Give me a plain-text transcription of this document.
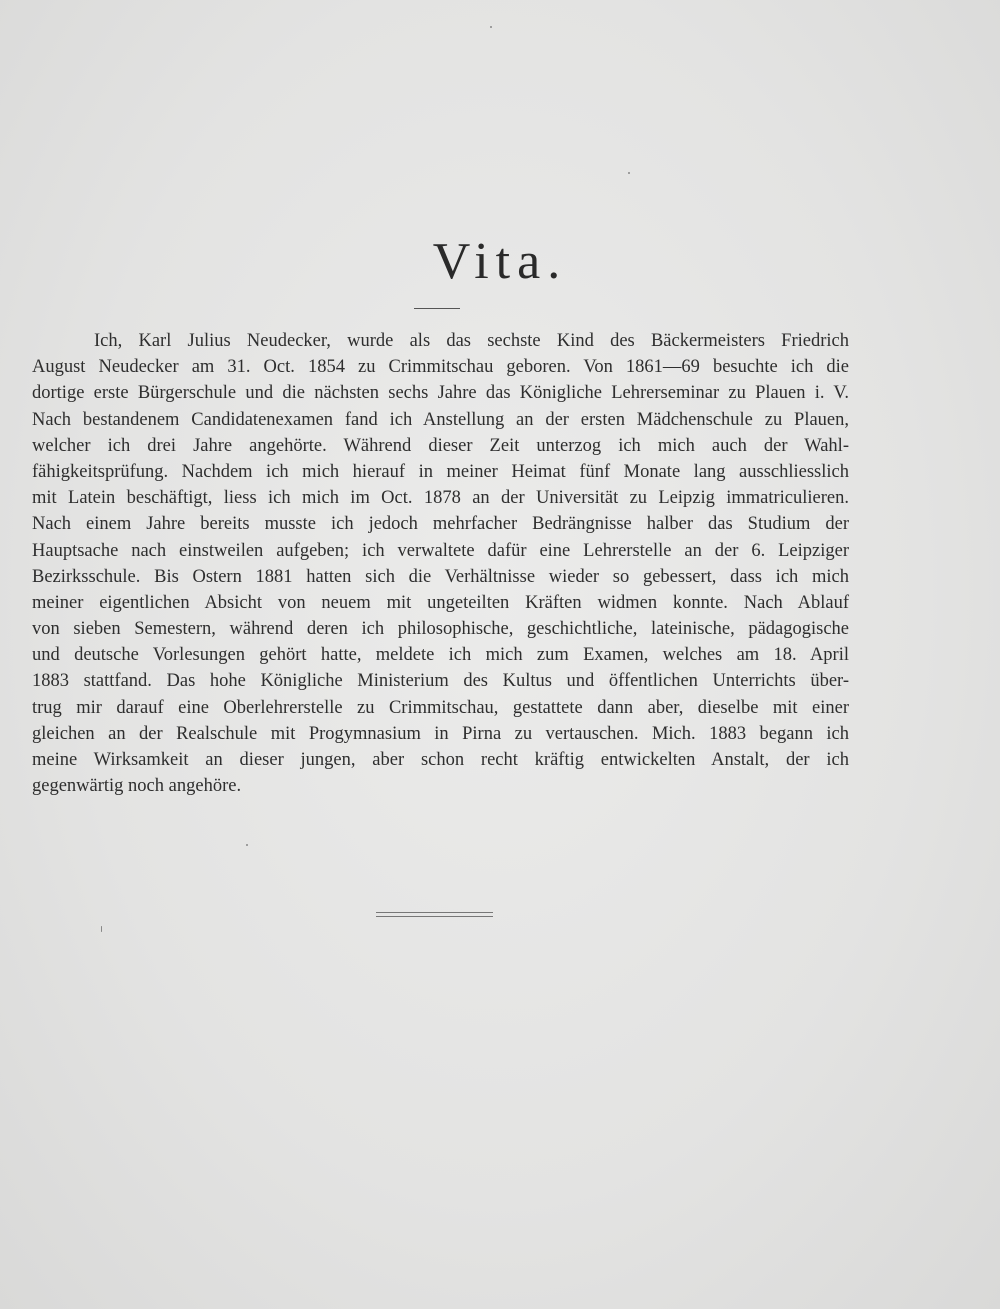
Vita.
Ich, Karl Julius Neudecker, wurde als das sechste Kind des Bäckermeisters Friedrich
August Neudecker am 31. Oct. 1854 zu Crimmitschau geboren. Von 1861—69 besuchte ich die
dortige erste Bürgerschule und die nächsten sechs Jahre das Königliche Lehrerseminar zu Plauen i. V.
Nach bestandenem Candidatenexamen fand ich Anstellung an der ersten Mädchenschule zu Plauen,
welcher ich drei Jahre angehörte. Während dieser Zeit unterzog ich mich auch der Wahl-
fähigkeitsprüfung. Nachdem ich mich hierauf in meiner Heimat fünf Monate lang ausschliesslich
mit Latein beschäftigt, liess ich mich im Oct. 1878 an der Universität zu Leipzig immatriculieren.
Nach einem Jahre bereits musste ich jedoch mehrfacher Bedrängnisse halber das Studium der
Hauptsache nach einstweilen aufgeben; ich verwaltete dafür eine Lehrerstelle an der 6. Leipziger
Bezirksschule. Bis Ostern 1881 hatten sich die Verhältnisse wieder so gebessert, dass ich mich
meiner eigentlichen Absicht von neuem mit ungeteilten Kräften widmen konnte. Nach Ablauf
von sieben Semestern, während deren ich philosophische, geschichtliche, lateinische, pädagogische
und deutsche Vorlesungen gehört hatte, meldete ich mich zum Examen, welches am 18. April
1883 stattfand. Das hohe Königliche Ministerium des Kultus und öffentlichen Unterrichts über-
trug mir darauf eine Oberlehrerstelle zu Crimmitschau, gestattete dann aber, dieselbe mit einer
gleichen an der Realschule mit Progymnasium in Pirna zu vertauschen. Mich. 1883 begann ich
meine Wirksamkeit an dieser jungen, aber schon recht kräftig entwickelten Anstalt, der ich
gegenwärtig noch angehöre.
